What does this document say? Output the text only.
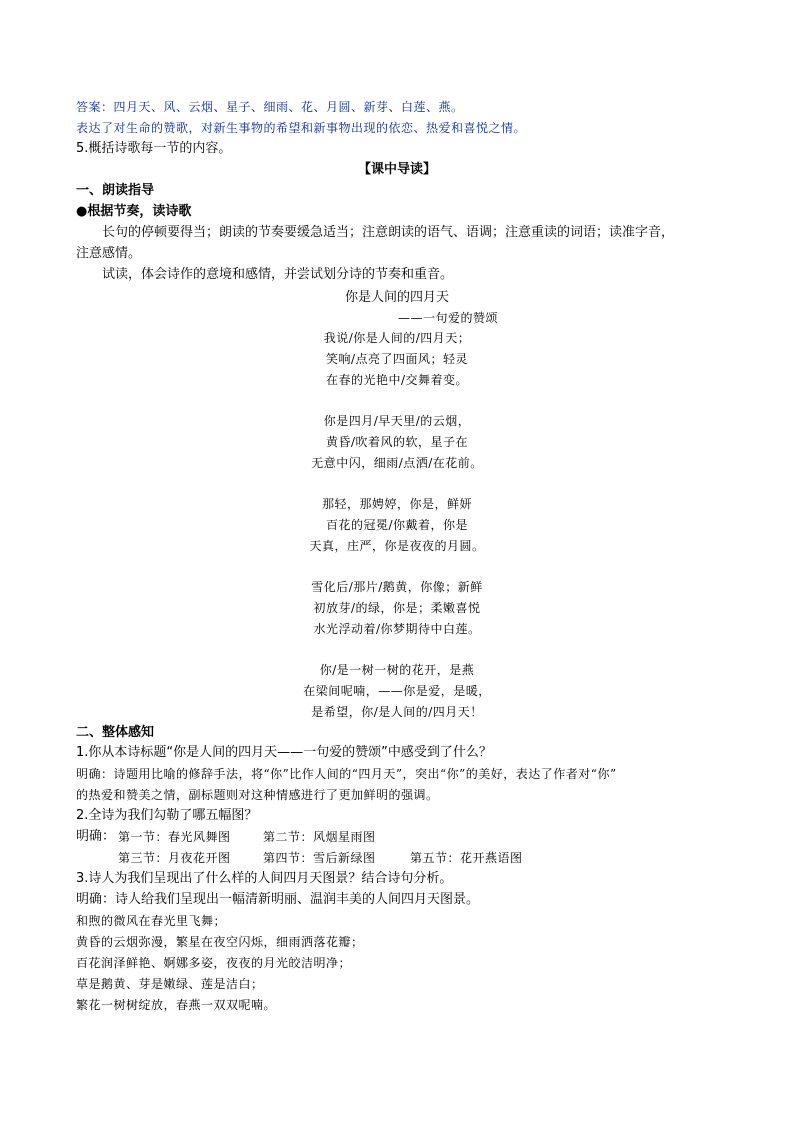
答案：四月天、风、云烟、星子、细雨、花、月圆、新芽、白莲、燕。
表达了对生命的赞歌，对新生事物的希望和新事物出现的依恋、热爱和喜悦之情。
5.概括诗歌每一节的内容。
【课中导读】
一、朗读指导
●根据节奏，读诗歌
长句的停顿要得当；朗读的节奏要缓急适当；注意朗读的语气、语调；注意重读的词语；读准字音，
注意感情。
试读，体会诗作的意境和感情，并尝试划分诗的节奏和重音。
你是人间的四月天
——一句爱的赞颂
我说/你是人间的/四月天；
笑响/点亮了四面风；轻灵
在春的光艳中/交舞着变。
你是四月/早天里/的云烟，
黄昏/吹着风的软，星子在
无意中闪，细雨/点洒/在花前。
那轻，那娉婷，你是，鲜妍
百花的冠冕/你戴着，你是
天真，庄严，你是夜夜的月圆。
雪化后/那片/鹅黄，你像；新鲜
初放芽/的绿，你是；柔嫩喜悦
水光浮动着/你梦期待中白莲。
你/是一树一树的花开，是燕
在梁间呢喃，——你是爱，是暖，
是希望，你/是人间的/四月天！
二、整体感知
1.你从本诗标题“你是人间的四月天——一句爱的赞颂”中感受到了什么？
明确：诗题用比喻的修辞手法，将“你”比作人间的“四月天”，突出“你”的美好，表达了作者对“你”
的热爱和赞美之情，副标题则对这种情感进行了更加鲜明的强调。
2.全诗为我们勾勒了哪五幅图？
明确： 第一节：春光风舞图	第二节：风烟星雨图
第三节：月夜花开图	第四节：雪后新绿图	第五节：花开燕语图
3.诗人为我们呈现出了什么样的人间四月天图景？结合诗句分析。
明确：诗人给我们呈现出一幅清新明丽、温润丰美的人间四月天图景。
和煦的微风在春光里飞舞；
黄昏的云烟弥漫，繁星在夜空闪烁，细雨洒落花瓣；
百花润泽鲜艳、婀娜多姿，夜夜的月光皎洁明净；
草是鹅黄、芽是嫩绿、莲是洁白；
繁花一树树绽放，春燕一双双呢喃。
